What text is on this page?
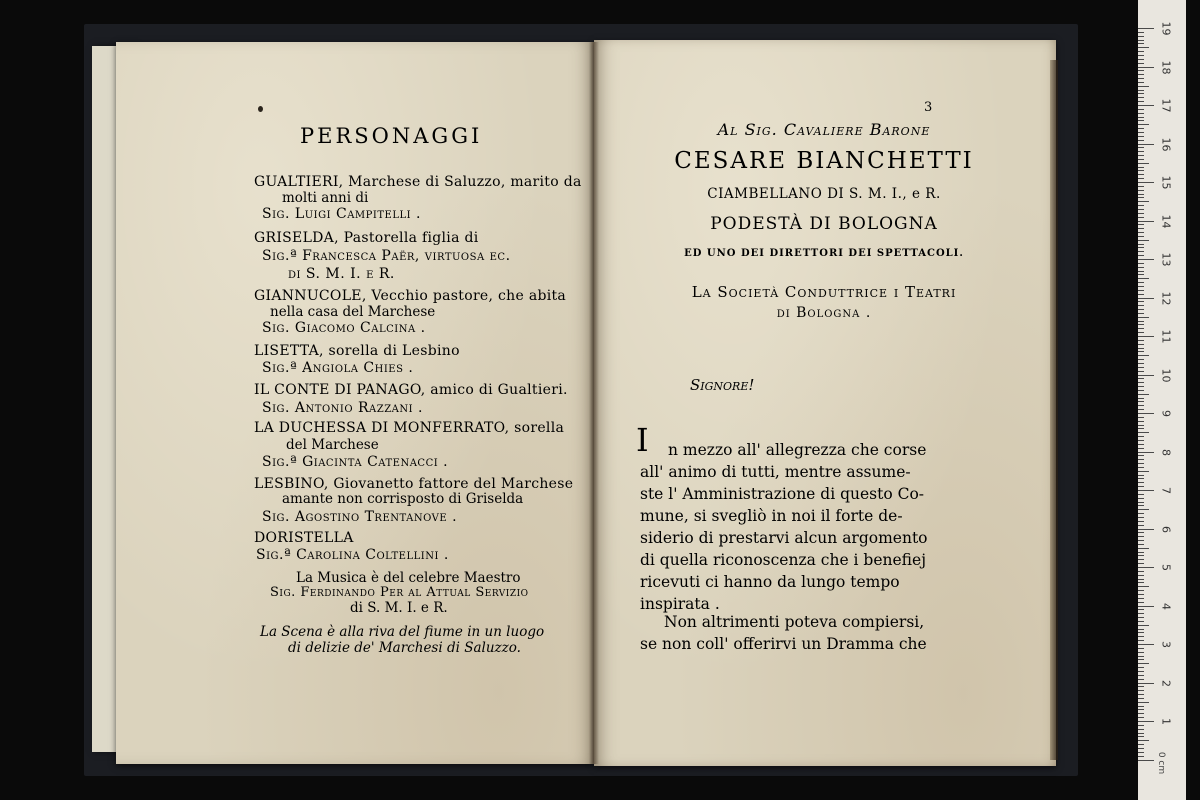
PERSONAGGI
GUALTIERI, Marchese di Saluzzo, marito da
molti anni di
Sig. Luigi Campitelli .
GRISELDA, Pastorella figlia di
Sig.ª Francesca Paër, virtuosa ec.
di S. M. I. e R.
GIANNUCOLE, Vecchio pastore, che abita
nella casa del Marchese
Sig. Giacomo Calcina .
LISETTA, sorella di Lesbino
Sig.ª Angiola Chies .
IL CONTE DI PANAGO, amico di Gualtieri.
Sig. Antonio Razzani .
LA DUCHESSA DI MONFERRATO, sorella
del Marchese
Sig.ª Giacinta Catenacci .
LESBINO, Giovanetto fattore del Marchese
amante non corrisposto di Griselda
Sig. Agostino Trentanove .
DORISTELLA
Sig.ª Carolina Coltellini .
La Musica è del celebre Maestro
Sig. Ferdinando Per al Attual Servizio
di S. M. I. e R.
La Scena è alla riva del fiume in un luogo
di delizie de' Marchesi di Saluzzo.
3
Al Sig. Cavaliere Barone
CESARE BIANCHETTI
CIAMBELLANO DI S. M. I., e R.
PODESTÀ DI BOLOGNA
ED UNO DEI DIRETTORI DEI SPETTACOLI.
La Società Conduttrice i Teatri
di Bologna .
Signore!
I n mezzo all' allegrezza che corse
all' animo di tutti, mentre assume-
ste l' Amministrazione di questo Co-
mune, si svegliò in noi il forte de-
siderio di prestarvi alcun argomento
di quella riconoscenza che i benefiej
ricevuti ci hanno da lungo tempo
inspirata .
Non altrimenti poteva compiersi,
se non coll' offerirvi un Dramma che
19
18
17
16
15
14
13
12
11
10
9
8
7
6
5
4
3
2
1
0 cm
